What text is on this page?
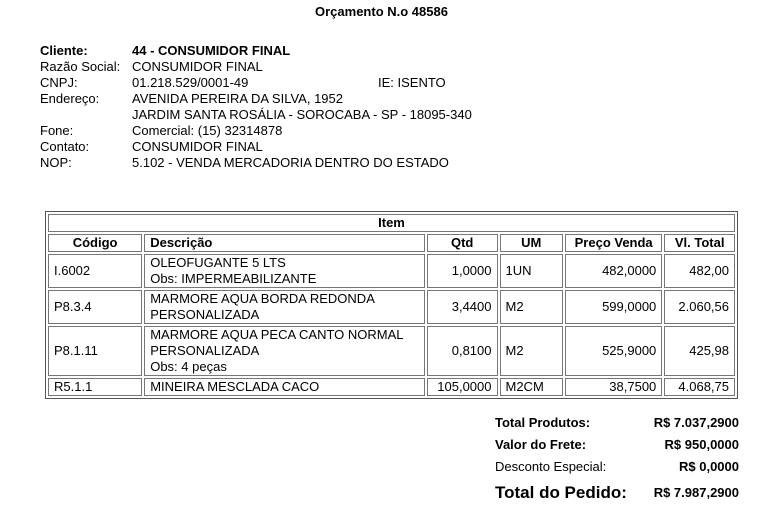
Orçamento N.o 48586
Cliente:	44 - CONSUMIDOR FINAL
Razão Social: CONSUMIDOR FINAL
CNPJ:	01.218.529/0001-49	IE: ISENTO
Endereço:	AVENIDA PEREIRA DA SILVA, 1952
JARDIM SANTA ROSÁLIA - SOROCABA - SP - 18095-340
Fone:	Comercial: (15) 32314878
Contato:	CONSUMIDOR FINAL
NOP:	5.102 - VENDA MERCADORIA DENTRO DO ESTADO
Item					
Código	Descrição	Qtd	UM	Preço Venda	Vl. Total
I.6002	OLEOFUGANTE 5 LTS
Obs: IMPERMEABILIZANTE	1,0000	1UN	482,0000	482,00
P8.3.4	MARMORE AQUA BORDA REDONDA
PERSONALIZADA	3,4400	M2	599,0000	2.060,56
P8.1.11	MARMORE AQUA PECA CANTO NORMAL
PERSONALIZADA
Obs: 4 peças	0,8100	M2	525,9000	425,98
R5.1.1	MINEIRA MESCLADA CACO	105,0000	M2CM	38,7500	4.068,75
Total Produtos:	R$ 7.037,2900
Valor do Frete:	R$ 950,0000
Desconto Especial:	R$ 0,0000
Total do Pedido: R$ 7.987,2900
